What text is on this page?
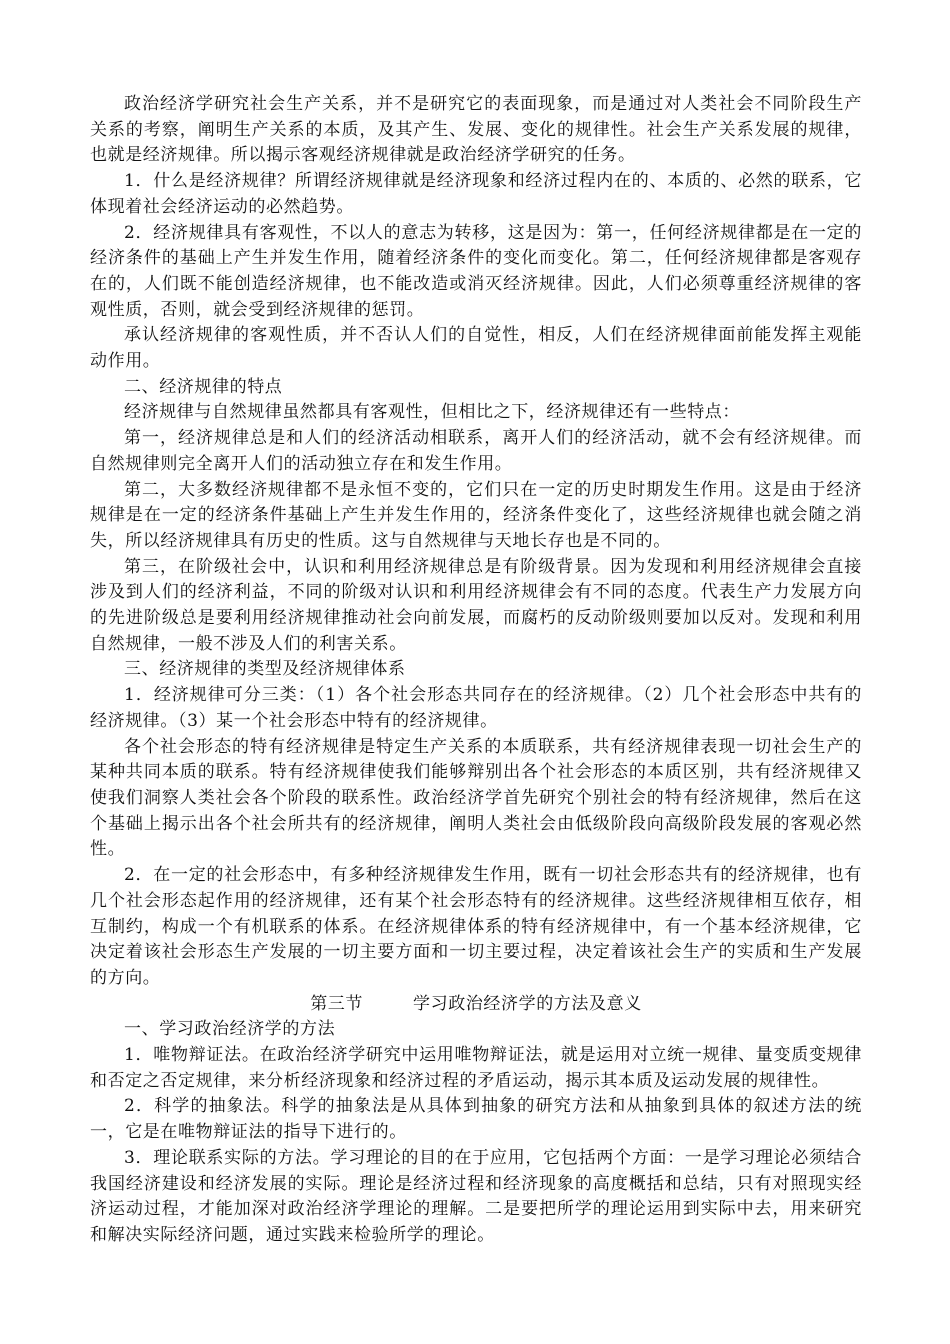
政治经济学研究社会生产关系，并不是研究它的表面现象，而是通过对人类社会不同阶段生产关系的考察，阐明生产关系的本质，及其产生、发展、变化的规律性。社会生产关系发展的规律，也就是经济规律。所以揭示客观经济规律就是政治经济学研究的任务。

1．什么是经济规律？所谓经济规律就是经济现象和经济过程内在的、本质的、必然的联系，它体现着社会经济运动的必然趋势。

2．经济规律具有客观性，不以人的意志为转移，这是因为：第一，任何经济规律都是在一定的经济条件的基础上产生并发生作用，随着经济条件的变化而变化。第二，任何经济规律都是客观存在的，人们既不能创造经济规律，也不能改造或消灭经济规律。因此，人们必须尊重经济规律的客观性质，否则，就会受到经济规律的惩罚。

承认经济规律的客观性质，并不否认人们的自觉性，相反，人们在经济规律面前能发挥主观能动作用。

二、经济规律的特点

经济规律与自然规律虽然都具有客观性，但相比之下，经济规律还有一些特点：

第一，经济规律总是和人们的经济活动相联系，离开人们的经济活动，就不会有经济规律。而自然规律则完全离开人们的活动独立存在和发生作用。

第二，大多数经济规律都不是永恒不变的，它们只在一定的历史时期发生作用。这是由于经济规律是在一定的经济条件基础上产生并发生作用的，经济条件变化了，这些经济规律也就会随之消失，所以经济规律具有历史的性质。这与自然规律与天地长存也是不同的。

第三，在阶级社会中，认识和利用经济规律总是有阶级背景。因为发现和利用经济规律会直接涉及到人们的经济利益，不同的阶级对认识和利用经济规律会有不同的态度。代表生产力发展方向的先进阶级总是要利用经济规律推动社会向前发展，而腐朽的反动阶级则要加以反对。发现和利用自然规律，一般不涉及人们的利害关系。

三、经济规律的类型及经济规律体系

1．经济规律可分三类：（1）各个社会形态共同存在的经济规律。（2）几个社会形态中共有的经济规律。（3）某一个社会形态中特有的经济规律。

各个社会形态的特有经济规律是特定生产关系的本质联系，共有经济规律表现一切社会生产的某种共同本质的联系。特有经济规律使我们能够辩别出各个社会形态的本质区别，共有经济规律又使我们洞察人类社会各个阶段的联系性。政治经济学首先研究个别社会的特有经济规律，然后在这个基础上揭示出各个社会所共有的经济规律，阐明人类社会由低级阶段向高级阶段发展的客观必然性。

2．在一定的社会形态中，有多种经济规律发生作用，既有一切社会形态共有的经济规律，也有几个社会形态起作用的经济规律，还有某个社会形态特有的经济规律。这些经济规律相互依存，相互制约，构成一个有机联系的体系。在经济规律体系的特有经济规律中，有一个基本经济规律，它决定着该社会形态生产发展的一切主要方面和一切主要过程，决定着该社会生产的实质和生产发展的方向。

第三节	学习政治经济学的方法及意义

一、学习政治经济学的方法

1．唯物辩证法。在政治经济学研究中运用唯物辩证法，就是运用对立统一规律、量变质变规律和否定之否定规律，来分析经济现象和经济过程的矛盾运动，揭示其本质及运动发展的规律性。

2．科学的抽象法。科学的抽象法是从具体到抽象的研究方法和从抽象到具体的叙述方法的统一，它是在唯物辩证法的指导下进行的。

3．理论联系实际的方法。学习理论的目的在于应用，它包括两个方面：一是学习理论必须结合我国经济建设和经济发展的实际。理论是经济过程和经济现象的高度概括和总结，只有对照现实经济运动过程，才能加深对政治经济学理论的理解。二是要把所学的理论运用到实际中去，用来研究和解决实际经济问题，通过实践来检验所学的理论。
